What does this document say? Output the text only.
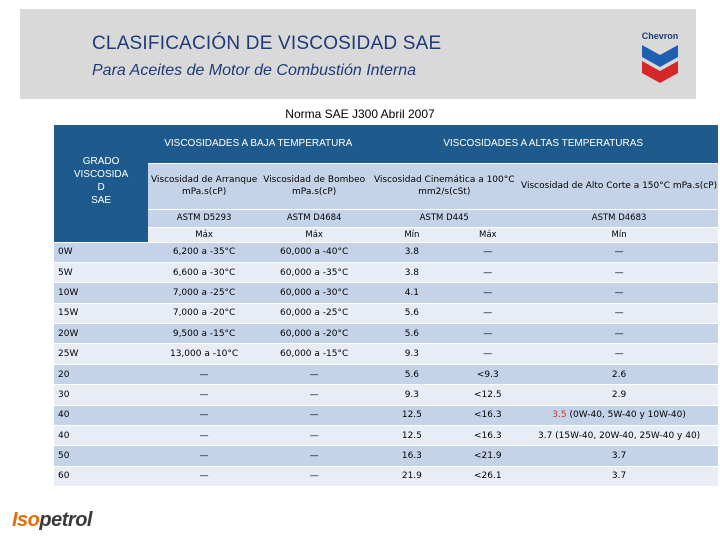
CLASIFICACIÓN DE VISCOSIDAD SAE
Para Aceites de Motor de Combustión Interna
Chevron
Norma SAE J300 Abril 2007
GRADO
VISCOSIDA
D
SAE	VISCOSIDADES A BAJA TEMPERATURA		VISCOSIDADES A ALTAS TEMPERATURAS		
	Viscosidad de Arranque mPa.s(cP)	Viscosidad de Bombeo mPa.s(cP)	Viscosidad Cinemática a 100°C mm2/s(cSt)		Viscosidad de Alto Corte a 150°C mPa.s(cP)
	ASTM D5293	ASTM D4684	ASTM D445		ASTM D4683
	Máx	Máx	Mín	Máx	Mín
0W	6,200 a -35°C	60,000 a -40°C	3.8	—	—
5W	6,600 a -30°C	60,000 a -35°C	3.8	—	—
10W	7,000 a -25°C	60,000 a -30°C	4.1	—	—
15W	7,000 a -20°C	60,000 a -25°C	5.6	—	—
20W	9,500 a -15°C	60,000 a -20°C	5.6	—	—
25W	13,000 a -10°C	60,000 a -15°C	9.3	—	—
20	—	—	5.6	<9.3	2.6
30	—	—	9.3	<12.5	2.9
40	—	—	12.5	<16.3	3.5 (0W-40, 5W-40 y 10W-40)
40	—	—	12.5	<16.3	3.7 (15W-40, 20W-40, 25W-40 y 40)
50	—	—	16.3	<21.9	3.7
60	—	—	21.9	<26.1	3.7
Isopetrol
